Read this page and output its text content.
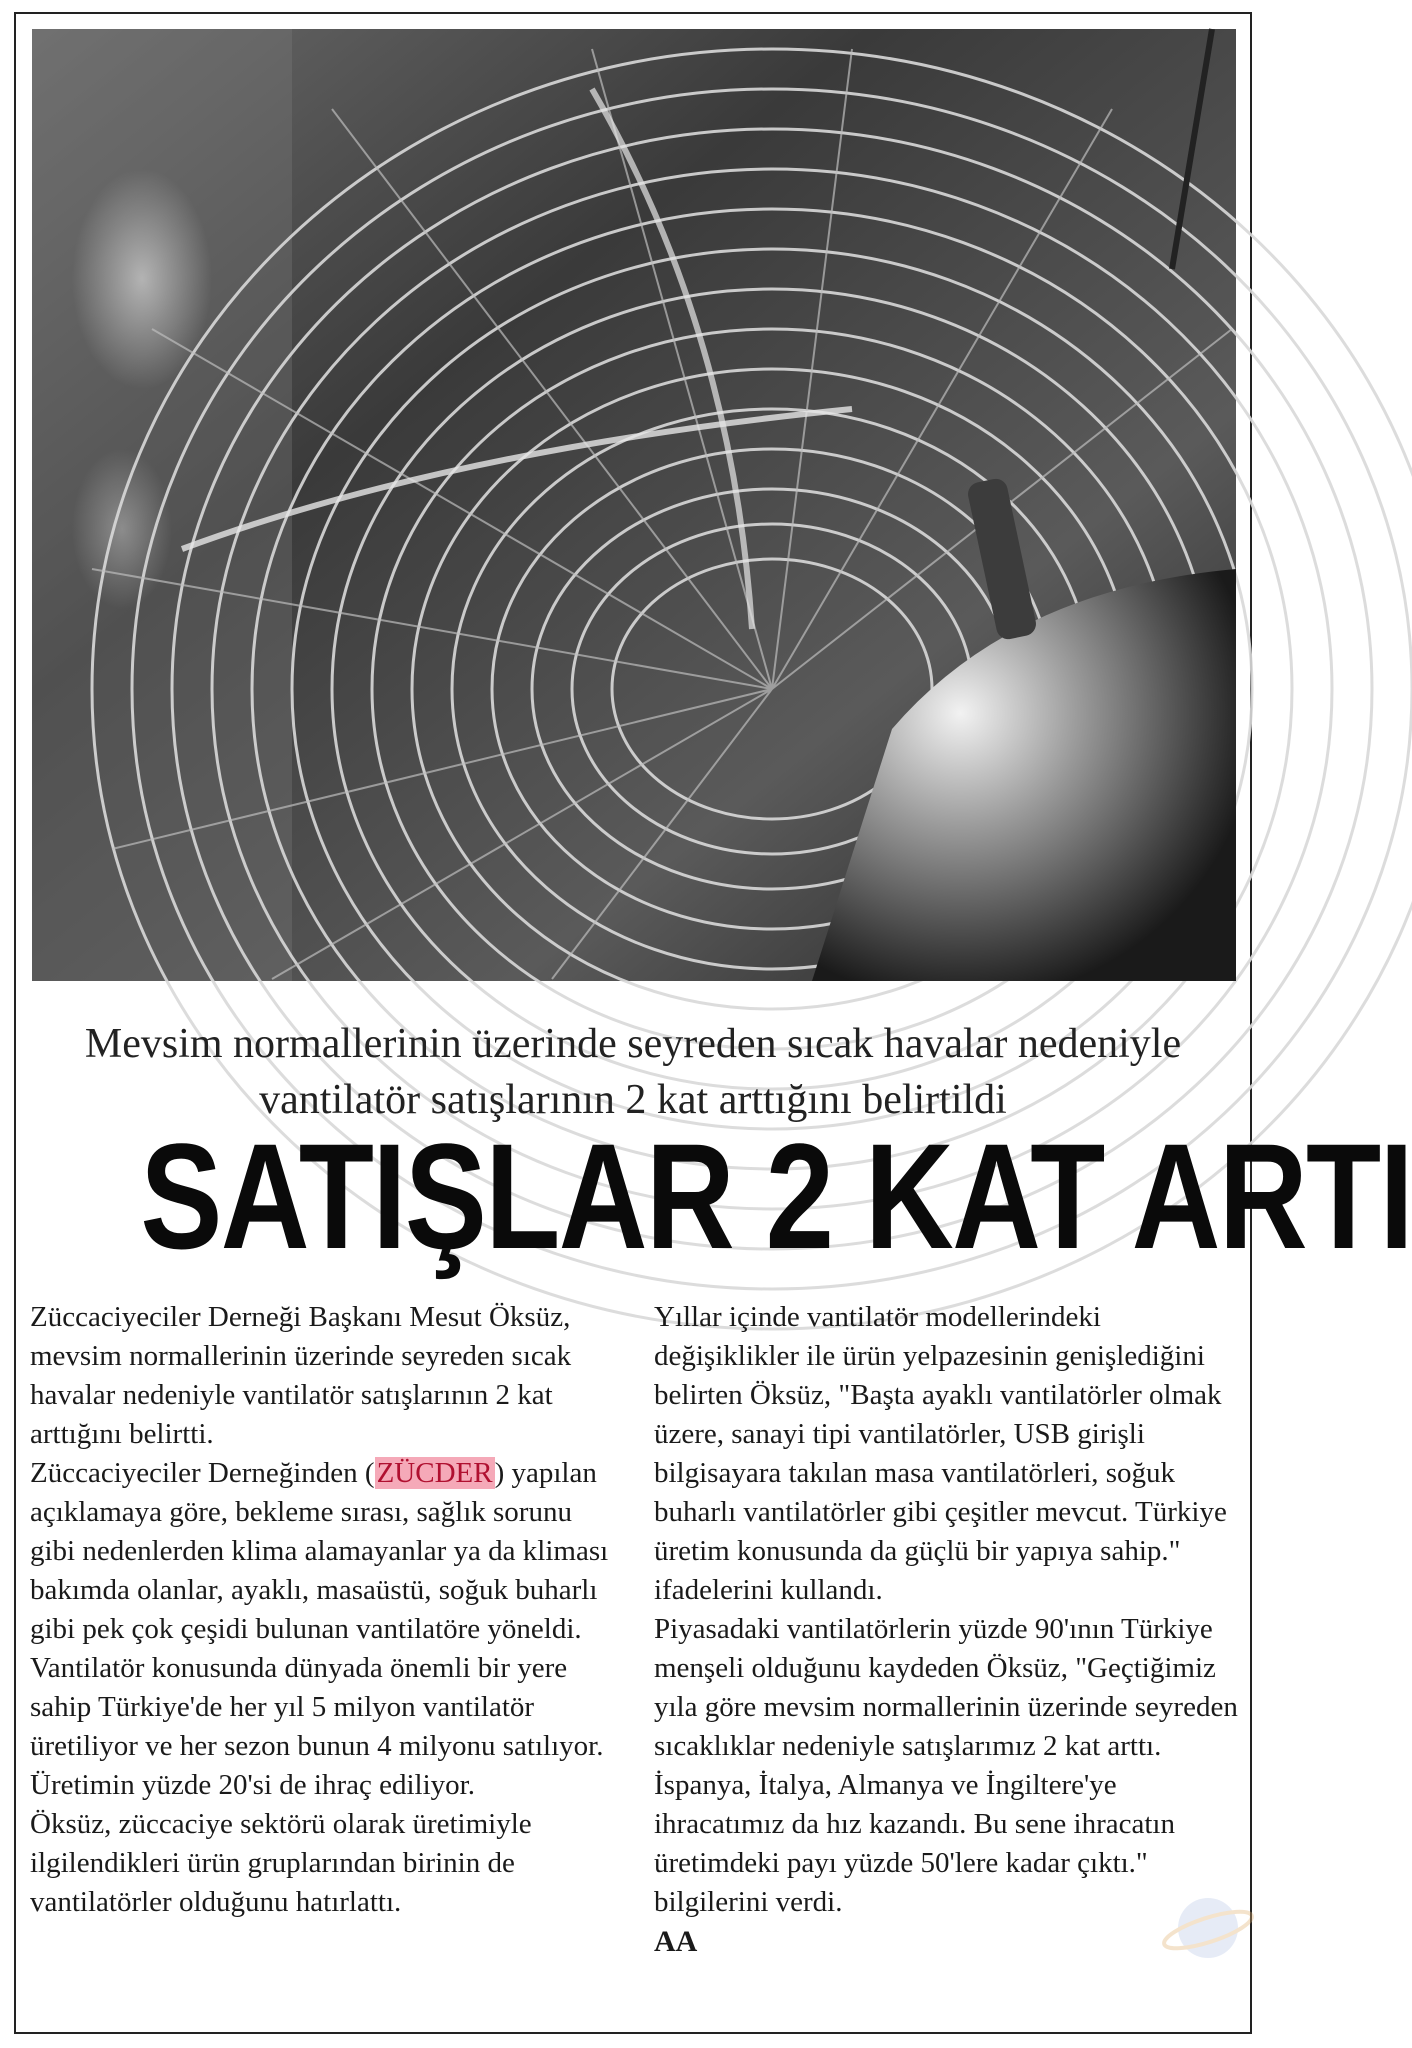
Mevsim normallerinin üzerinde seyreden sıcak havalar nedeniyle
vantilatör satışlarının 2 kat arttığını belirtildi
SATIŞLAR 2 KAT ARTI

Züccaciyeciler Derneği Başkanı Mesut Öksüz, mevsim normallerinin üzerinde seyreden sıcak havalar nedeniyle vantilatör satışlarının 2 kat arttığını belirtti.

Züccaciyeciler Derneğinden (ZÜCDER) yapılan açıklamaya göre, bekleme sırası, sağlık sorunu gibi nedenlerden klima alamayanlar ya da kliması bakımda olanlar, ayaklı, masaüstü, soğuk buharlı gibi pek çok çeşidi bulunan vantilatöre yöneldi.

Vantilatör konusunda dünyada önemli bir yere sahip Türkiye'de her yıl 5 milyon vantilatör üretiliyor ve her sezon bunun 4 milyonu satılıyor. Üretimin yüzde 20'si de ihraç ediliyor.

Öksüz, züccaciye sektörü olarak üretimiyle ilgilendikleri ürün gruplarından birinin de vantilatörler olduğunu hatırlattı.

Yıllar içinde vantilatör modellerindeki değişiklikler ile ürün yelpazesinin genişlediğini belirten Öksüz, "Başta ayaklı vantilatörler olmak üzere, sanayi tipi vantilatörler, USB girişli bilgisayara takılan masa vantilatörleri, soğuk buharlı vantilatörler gibi çeşitler mevcut. Türkiye üretim konusunda da güçlü bir yapıya sahip." ifadelerini kullandı.

Piyasadaki vantilatörlerin yüzde 90'ının Türkiye menşeli olduğunu kaydeden Öksüz, "Geçtiğimiz yıla göre mevsim normallerinin üzerinde seyreden sıcaklıklar nedeniyle satışlarımız 2 kat arttı. İspanya, İtalya, Almanya ve İngiltere'ye ihracatımız da hız kazandı. Bu sene ihracatın üretimdeki payı yüzde 50'lere kadar çıktı." bilgilerini verdi.

AA
